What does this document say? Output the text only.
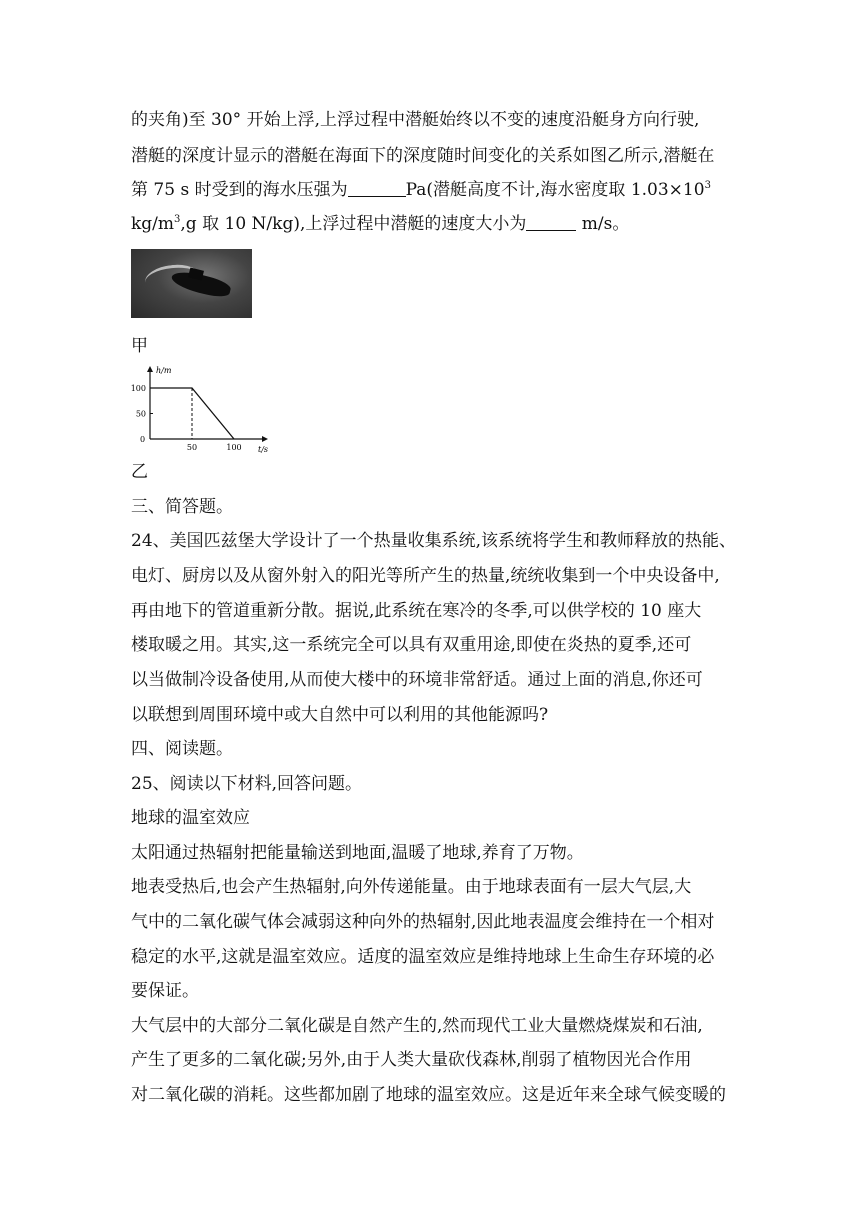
的夹角)至 30° 开始上浮,上浮过程中潜艇始终以不变的速度沿艇身方向行驶,
潜艇的深度计显示的潜艇在海面下的深度随时间变化的关系如图乙所示,潜艇在
第 75 s 时受到的海水压强为	Pa(潜艇高度不计,海水密度取 $1.03\times 10^3$
$kg/m^3,g$ 取 10 N/kg),上浮过程中潜艇的速度大小为	m/s。
甲
h/m
t/s
0
100
50
50	100
乙
三、简答题。
24、美国匹兹堡大学设计了一个热量收集系统,该系统将学生和教师释放的热能、
电灯、厨房以及从窗外射入的阳光等所产生的热量,统统收集到一个中央设备中,
再由地下的管道重新分散。据说,此系统在寒冷的冬季,可以供学校的 10 座大
楼取暖之用。其实,这一系统完全可以具有双重用途,即使在炎热的夏季,还可
以当做制冷设备使用,从而使大楼中的环境非常舒适。通过上面的消息,你还可
以联想到周围环境中或大自然中可以利用的其他能源吗?
四、阅读题。
25、阅读以下材料,回答问题。
地球的温室效应
太阳通过热辐射把能量输送到地面,温暖了地球,养育了万物。
地表受热后,也会产生热辐射,向外传递能量。由于地球表面有一层大气层,大
气中的二氧化碳气体会减弱这种向外的热辐射,因此地表温度会维持在一个相对
稳定的水平,这就是温室效应。适度的温室效应是维持地球上生命生存环境的必
要保证。
大气层中的大部分二氧化碳是自然产生的,然而现代工业大量燃烧煤炭和石油,
产生了更多的二氧化碳;另外,由于人类大量砍伐森林,削弱了植物因光合作用
对二氧化碳的消耗。这些都加剧了地球的温室效应。这是近年来全球气候变暖的
